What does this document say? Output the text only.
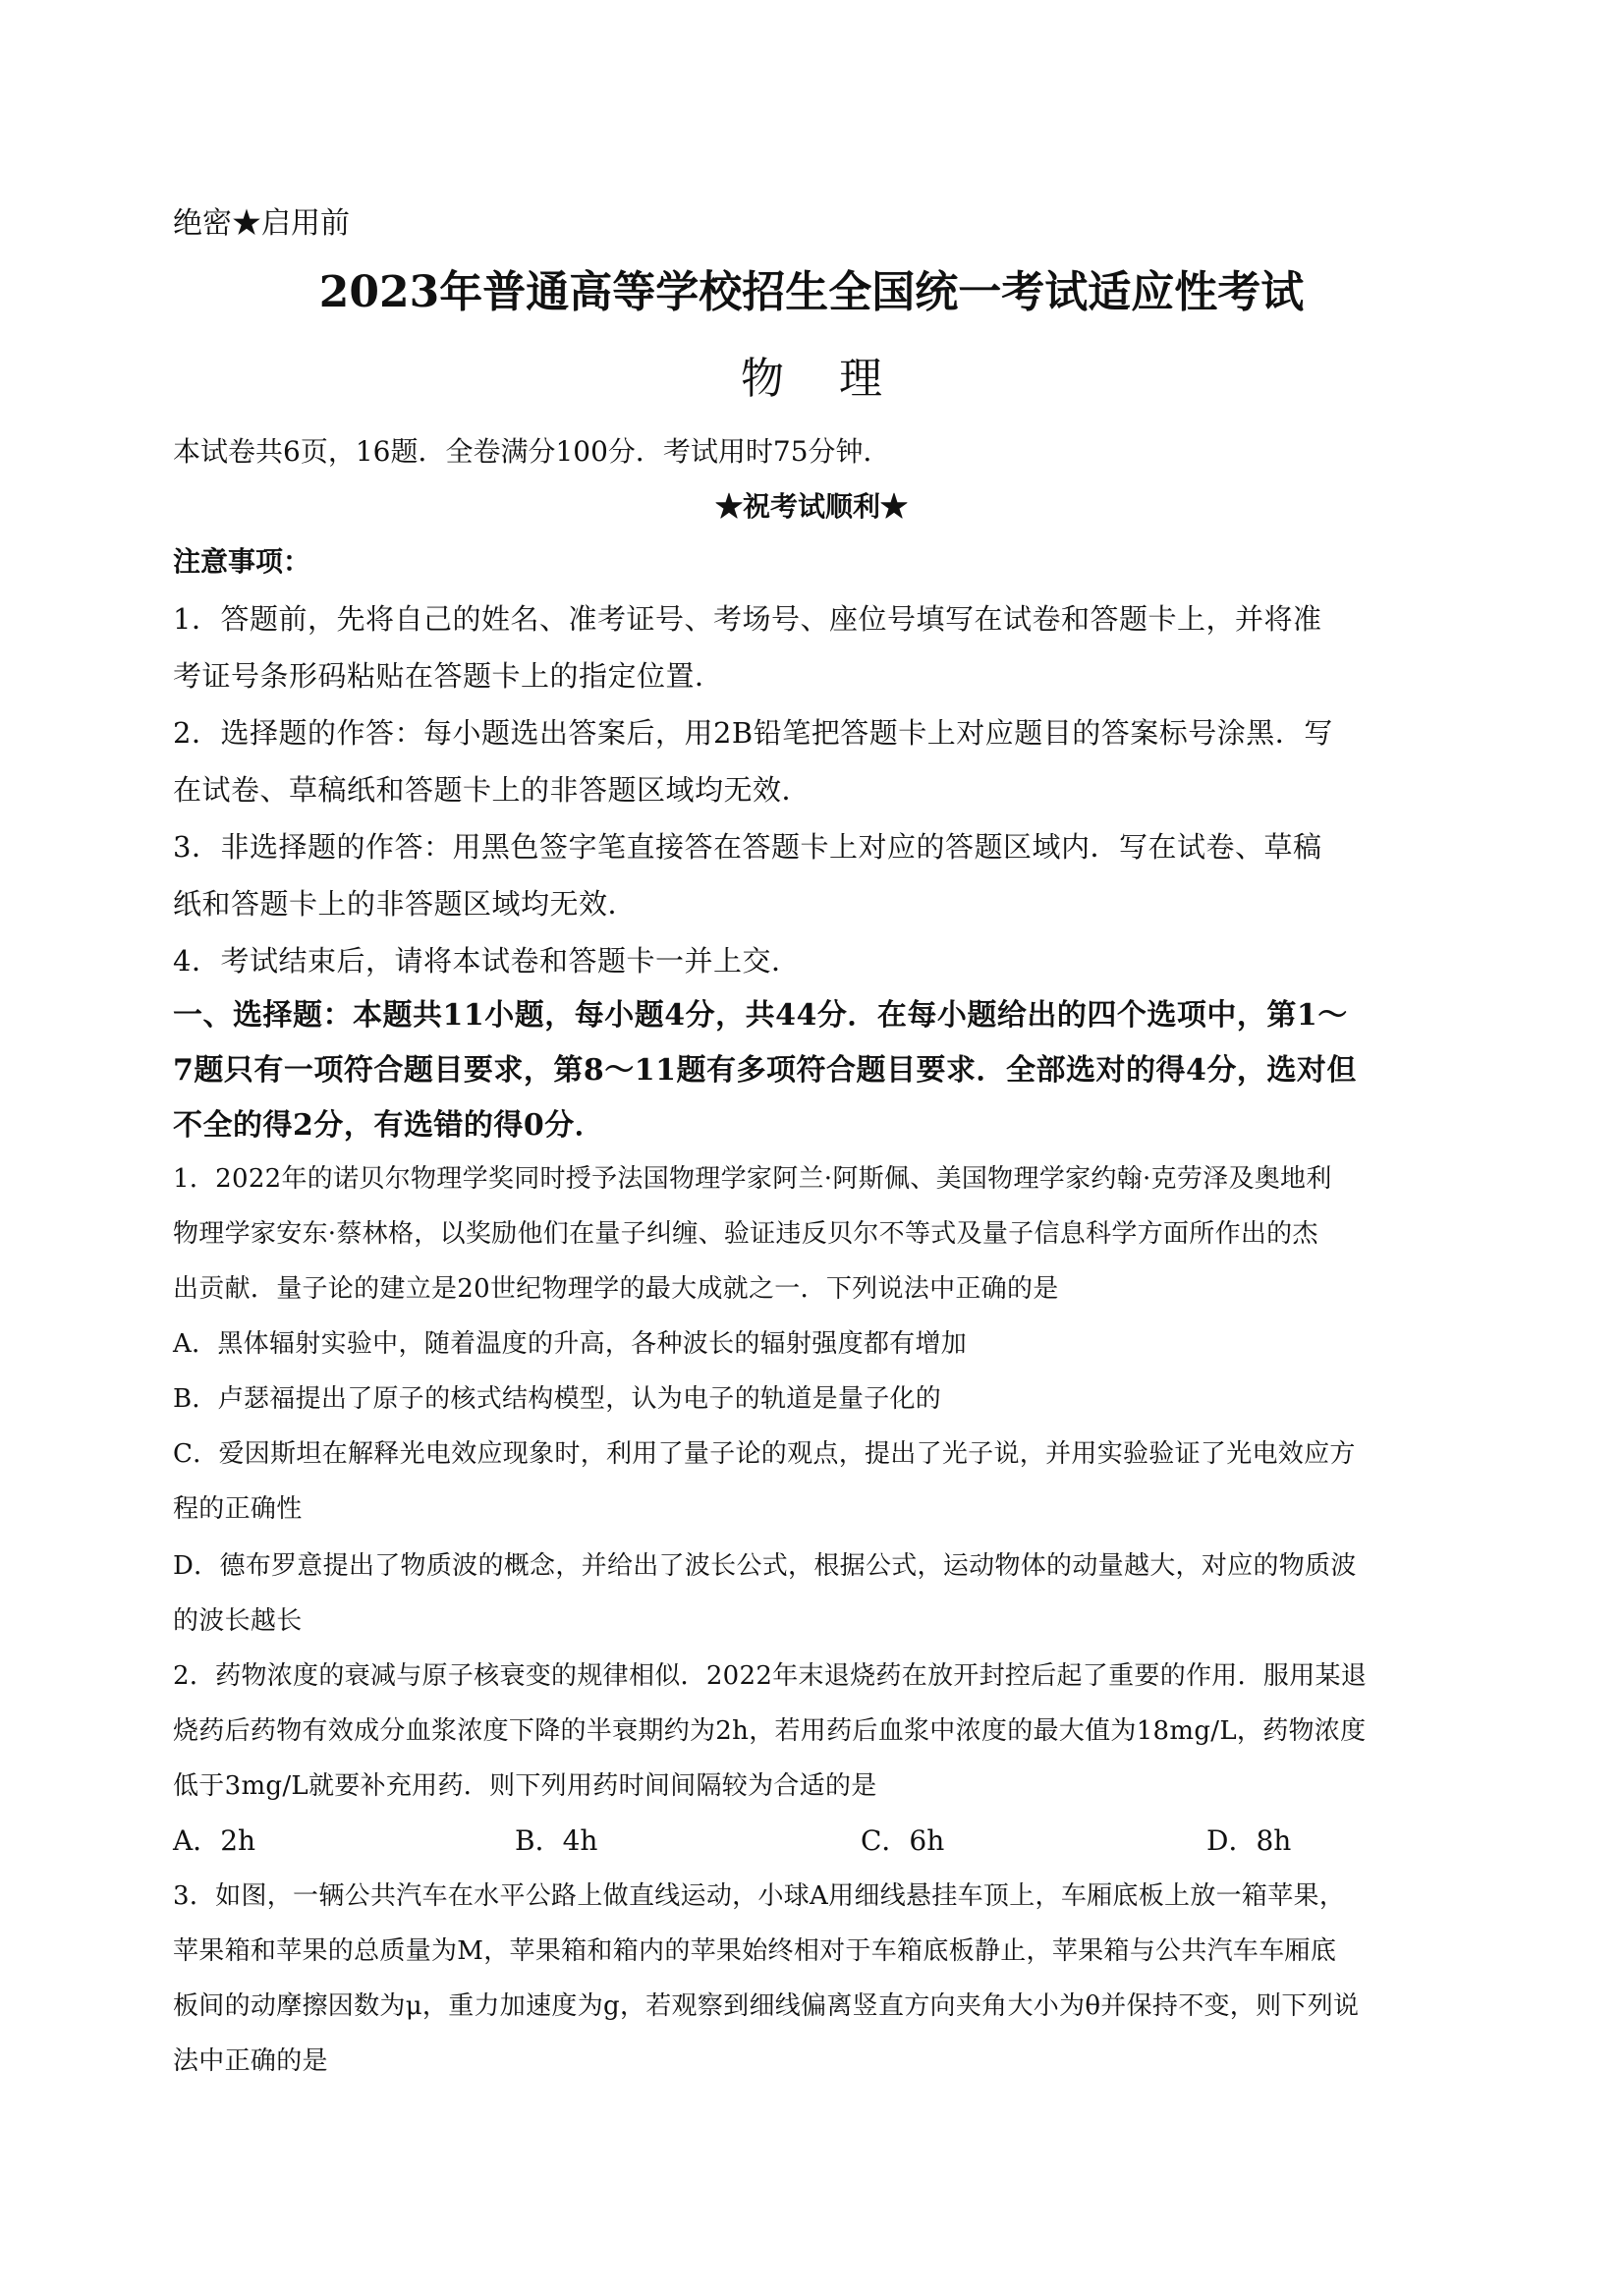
绝密★启用前
2023年普通高等学校招生全国统一考试适应性考试
物理
本试卷共6页，16题．全卷满分100分．考试用时75分钟．
★祝考试顺利★
注意事项：
1．答题前，先将自己的姓名、准考证号、考场号、座位号填写在试卷和答题卡上，并将准
考证号条形码粘贴在答题卡上的指定位置．
2．选择题的作答：每小题选出答案后，用2B铅笔把答题卡上对应题目的答案标号涂黑．写
在试卷、草稿纸和答题卡上的非答题区域均无效．
3．非选择题的作答：用黑色签字笔直接答在答题卡上对应的答题区域内．写在试卷、草稿
纸和答题卡上的非答题区域均无效．
4．考试结束后，请将本试卷和答题卡一并上交．
一、选择题：本题共11小题，每小题4分，共44分．在每小题给出的四个选项中，第1～
7题只有一项符合题目要求，第8～11题有多项符合题目要求．全部选对的得4分，选对但
不全的得2分，有选错的得0分．
1．2022年的诺贝尔物理学奖同时授予法国物理学家阿兰·阿斯佩、美国物理学家约翰·克劳泽及奥地利
物理学家安东·蔡林格，以奖励他们在量子纠缠、验证违反贝尔不等式及量子信息科学方面所作出的杰
出贡献．量子论的建立是20世纪物理学的最大成就之一．下列说法中正确的是
A．黑体辐射实验中，随着温度的升高，各种波长的辐射强度都有增加
B．卢瑟福提出了原子的核式结构模型，认为电子的轨道是量子化的
C．爱因斯坦在解释光电效应现象时，利用了量子论的观点，提出了光子说，并用实验验证了光电效应方
程的正确性
D．德布罗意提出了物质波的概念，并给出了波长公式，根据公式，运动物体的动量越大，对应的物质波
的波长越长
2．药物浓度的衰减与原子核衰变的规律相似．2022年末退烧药在放开封控后起了重要的作用．服用某退
烧药后药物有效成分血浆浓度下降的半衰期约为2h，若用药后血浆中浓度的最大值为18mg/L，药物浓度
低于3mg/L就要补充用药．则下列用药时间间隔较为合适的是
A．2h	B．4h	C．6h	D．8h
3．如图，一辆公共汽车在水平公路上做直线运动，小球A用细线悬挂车顶上，车厢底板上放一箱苹果，
苹果箱和苹果的总质量为M，苹果箱和箱内的苹果始终相对于车箱底板静止，苹果箱与公共汽车车厢底
板间的动摩擦因数为μ，重力加速度为g，若观察到细线偏离竖直方向夹角大小为θ并保持不变，则下列说
法中正确的是
